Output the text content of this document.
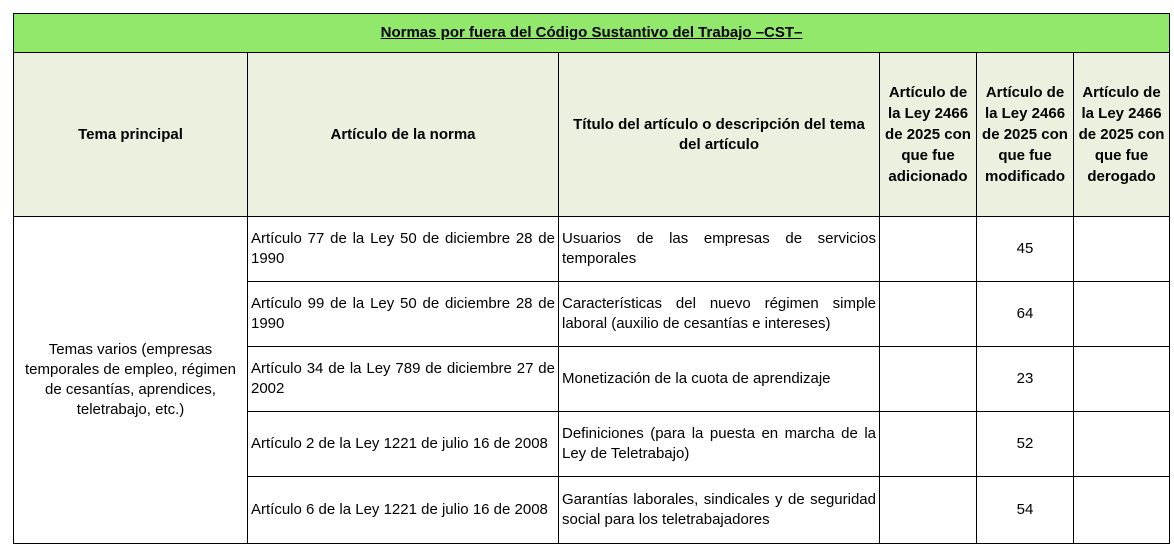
Normas por fuera del Código Sustantivo del Trabajo –CST–					
Tema principal	Artículo de la norma	Título del artículo o descripción del tema del artículo	Artículo de la Ley 2466 de 2025 con que fue adicionado	Artículo de la Ley 2466 de 2025 con que fue modificado	Artículo de la Ley 2466 de 2025 con que fue derogado
Temas varios (empresas temporales de empleo, régimen de cesantías, aprendices, teletrabajo, etc.)	Artículo 77 de la Ley 50 de diciembre 28 de 1990	Usuarios de las empresas de servicios temporales		45	
	Artículo 99 de la Ley 50 de diciembre 28 de 1990	Características del nuevo régimen simple laboral (auxilio de cesantías e intereses)		64	
	Artículo 34 de la Ley 789 de diciembre 27 de 2002	Monetización de la cuota de aprendizaje		23	
	Artículo 2 de la Ley 1221 de julio 16 de 2008	Definiciones (para la puesta en marcha de la Ley de Teletrabajo)		52	
	Artículo 6 de la Ley 1221 de julio 16 de 2008	Garantías laborales, sindicales y de seguridad social para los teletrabajadores		54	
